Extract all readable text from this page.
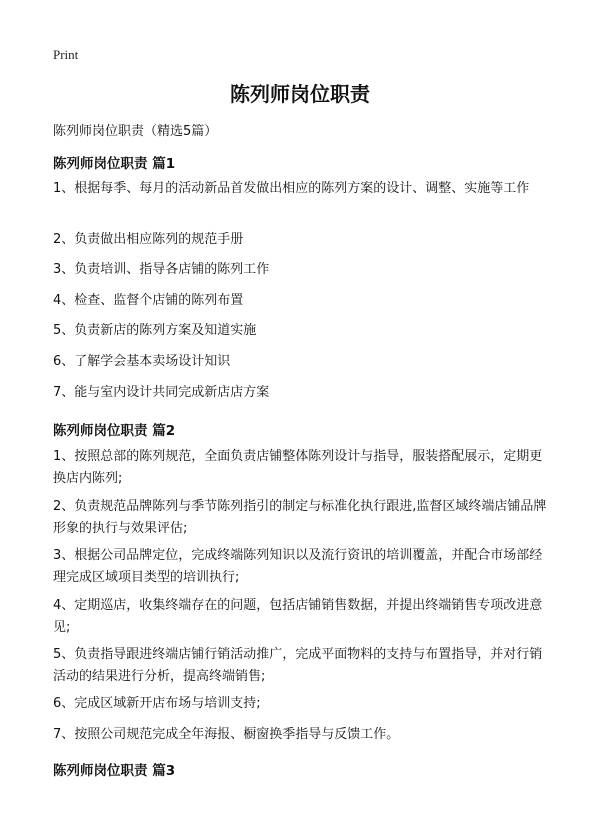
Print
陈列师岗位职责
陈列师岗位职责（精选5篇）
陈列师岗位职责 篇1
1、根据每季、每月的活动新品首发做出相应的陈列方案的设计、调整、实施等工作
2、负责做出相应陈列的规范手册
3、负责培训、指导各店铺的陈列工作
4、检查、监督个店铺的陈列布置
5、负责新店的陈列方案及知道实施
6、了解学会基本卖场设计知识
7、能与室内设计共同完成新店店方案
陈列师岗位职责 篇2
1、按照总部的陈列规范，全面负责店铺整体陈列设计与指导，服装搭配展示，定期更换店内陈列;
2、负责规范品牌陈列与季节陈列指引的制定与标准化执行跟进,监督区域终端店铺品牌形象的执行与效果评估;
3、根据公司品牌定位，完成终端陈列知识以及流行资讯的培训覆盖，并配合市场部经理完成区域项目类型的培训执行;
4、定期巡店，收集终端存在的问题，包括店铺销售数据，并提出终端销售专项改进意见;
5、负责指导跟进终端店铺行销活动推广，完成平面物料的支持与布置指导，并对行销活动的结果进行分析，提高终端销售;
6、完成区域新开店布场与培训支持;
7、按照公司规范完成全年海报、橱窗换季指导与反馈工作。
陈列师岗位职责 篇3
